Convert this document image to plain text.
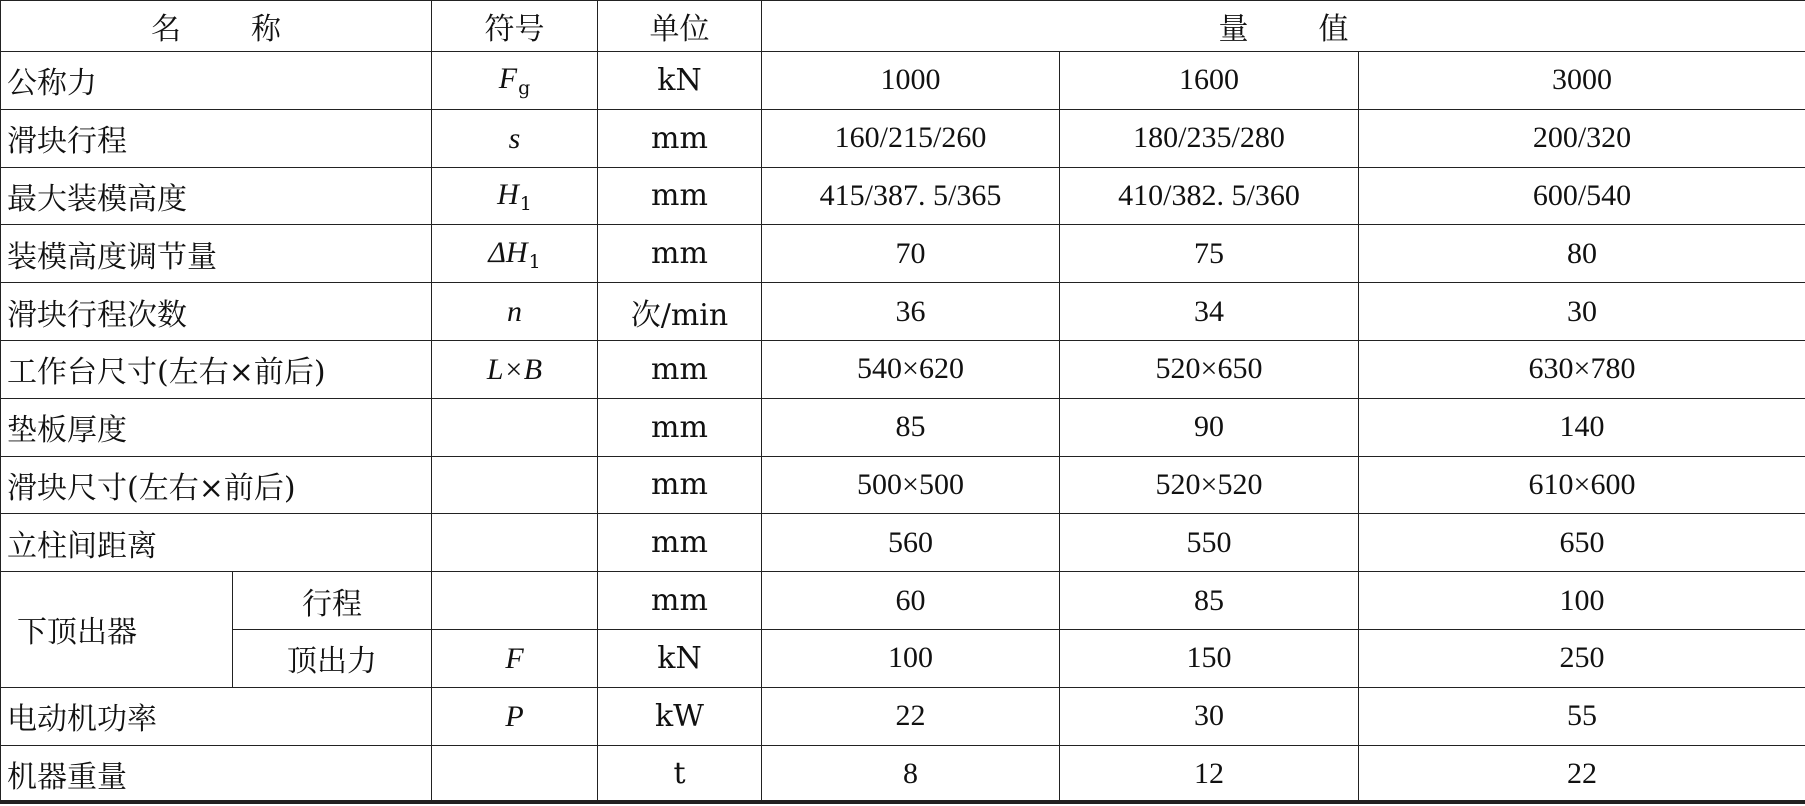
名 称		符号	单位	量 值		
公称力		$F_g$	kN	1000	1600	3000
滑块行程		s	mm	160/215/260	180/235/280	200/320
最大装模高度		$H_1$	mm	415/387. 5/365	410/382. 5/360	600/540
装模高度调节量		$\Delta H_1$	mm	70	75	80
滑块行程次数		n	次/min	36	34	30
工作台尺寸(左右×前后)		L×B	mm	540×620	520×650	630×780
垫板厚度			mm	85	90	140
滑块尺寸(左右×前后)			mm	500×500	520×520	610×600
立柱间距离			mm	560	550	650
下顶出器	行程		mm	60	85	100
	顶出力	F	kN	100	150	250
电动机功率		P	kW	22	30	55
机器重量			t	8	12	22
